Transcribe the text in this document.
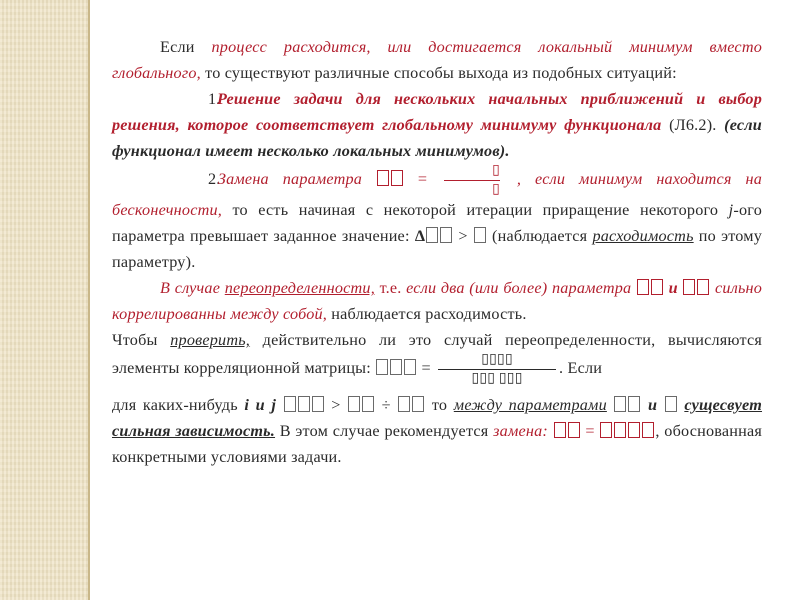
Если процесс расходится, или достигается локальный минимум вместо глобального, то существуют различные способы выхода из подобных ситуаций:

1. Решение задачи для нескольких начальных приближений и выбор решения, которое соответствует глобальному минимуму функционала (Л6.2). (если функционал имеет несколько локальных минимумов).

2. Замена параметра	= $\frac{▯}{▯}$ , если минимум находится на бесконечности, то есть начиная с некоторой итерации приращение некоторого j-ого параметра превышает заданное значение: Δ > (наблюдается расходимость по этому параметру).

В случае переопределенности, т.е. если два (или более) параметра и сильно коррелированны между собой, наблюдается расходимость.

Чтобы проверить, действительно ли это случай переопределенности, вычисляются элементы корреляционной матрицы:	= $\frac{▯▯▯▯}{▯▯▯ ▯▯▯}$ . Если

для каких-нибудь i и j	>	÷	то между параметрами	и сущесвует сильная зависимость. В этом случае рекомендуется замена: =	, обоснованная конкретными условиями задачи.
